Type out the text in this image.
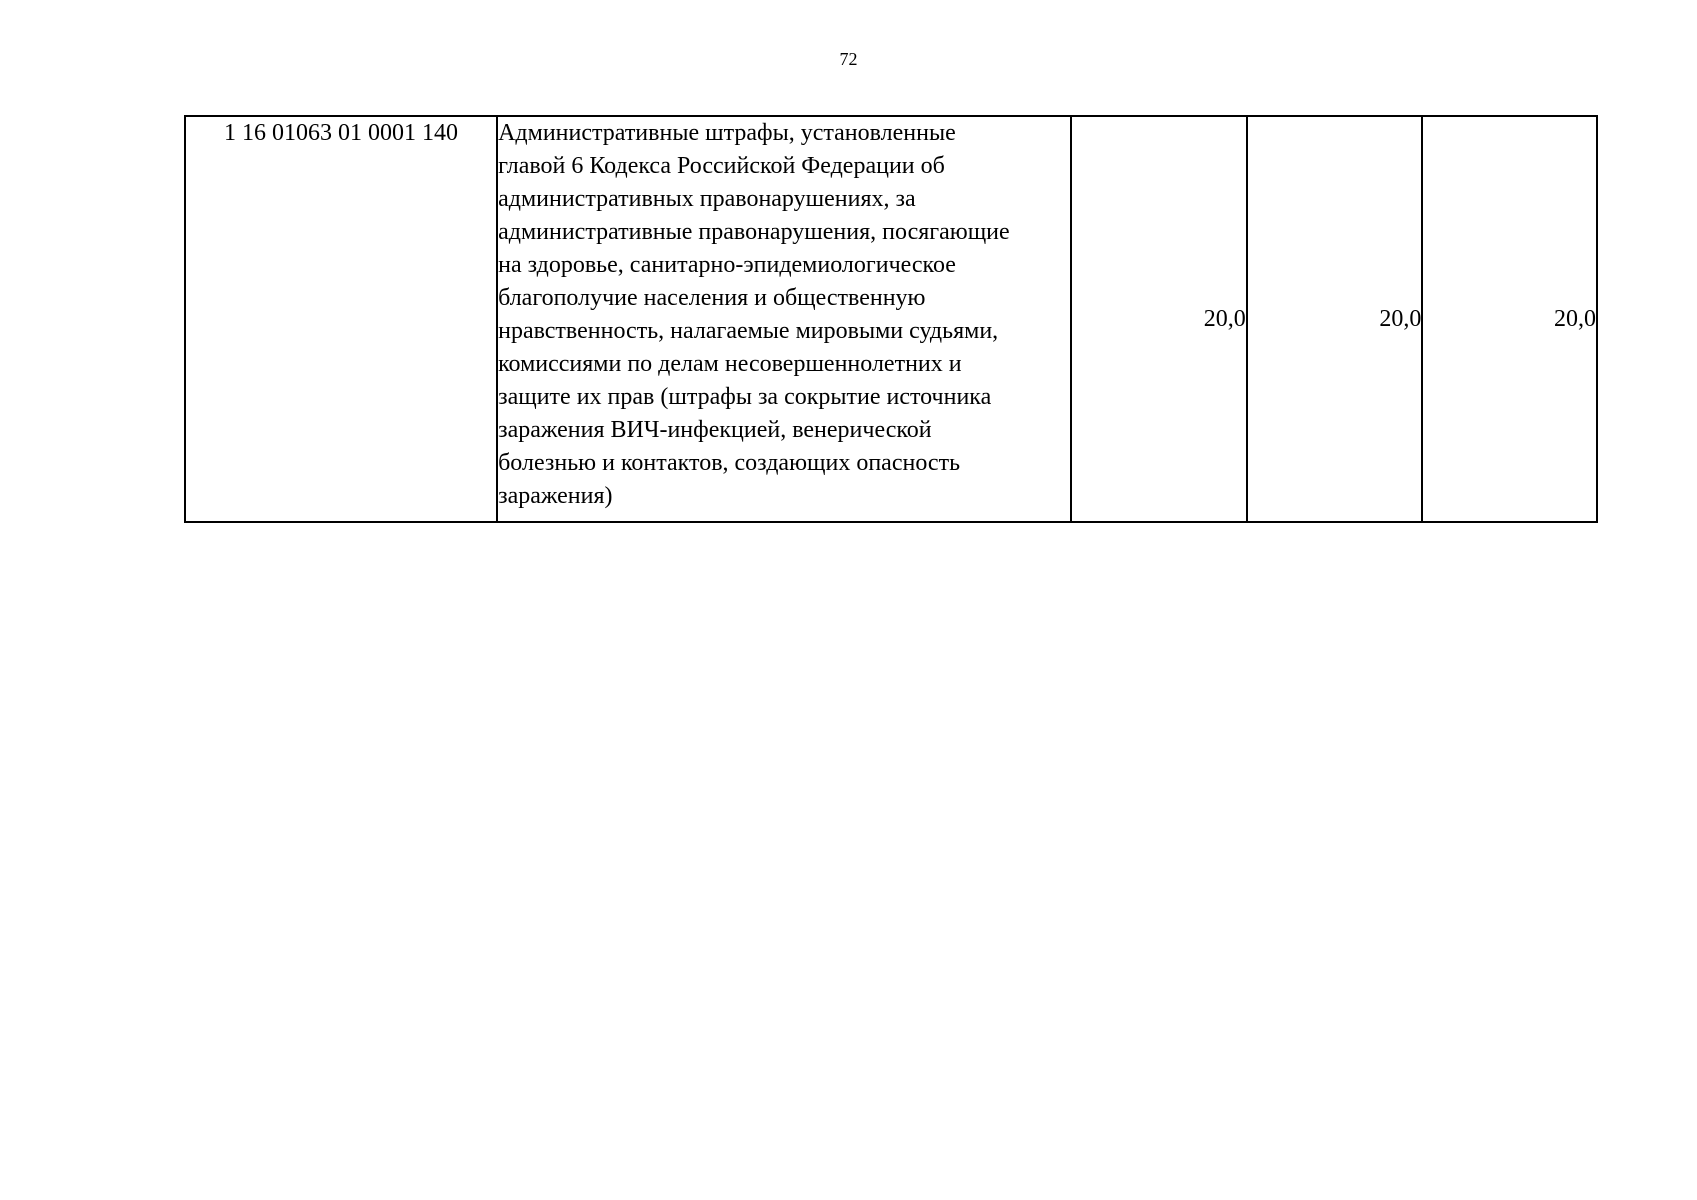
72
1 16 01063 01 0001 140	Административные штрафы, установленные
главой 6 Кодекса Российской Федерации об
административных правонарушениях, за
административные правонарушения, посягающие
на здоровье, санитарно-эпидемиологическое
благополучие населения и общественную
нравственность, налагаемые мировыми судьями,
комиссиями по делам несовершеннолетних и
защите их прав (штрафы за сокрытие источника
заражения ВИЧ-инфекцией, венерической
болезнью и контактов, создающих опасность
заражения)	20,0	20,0	20,0
